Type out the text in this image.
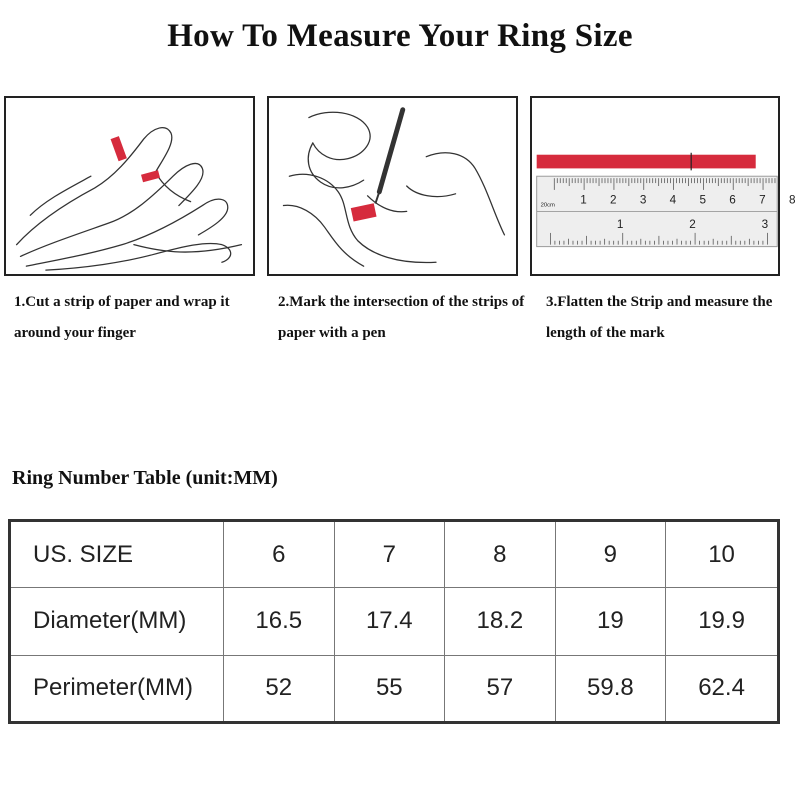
How To Measure Your Ring Size
1 2 3 4 5 6 7 8
1	2	3
20cm
1.Cut a strip of paper and wrap it around your finger
2.Mark the intersection of the strips of paper with a pen
3.Flatten the Strip and measure the length of the mark
Ring Number Table (unit:MM)
US. SIZE	6	7	8	9	10
Diameter(MM)	16.5	17.4	18.2	19	19.9
Perimeter(MM)	52	55	57	59.8	62.4
